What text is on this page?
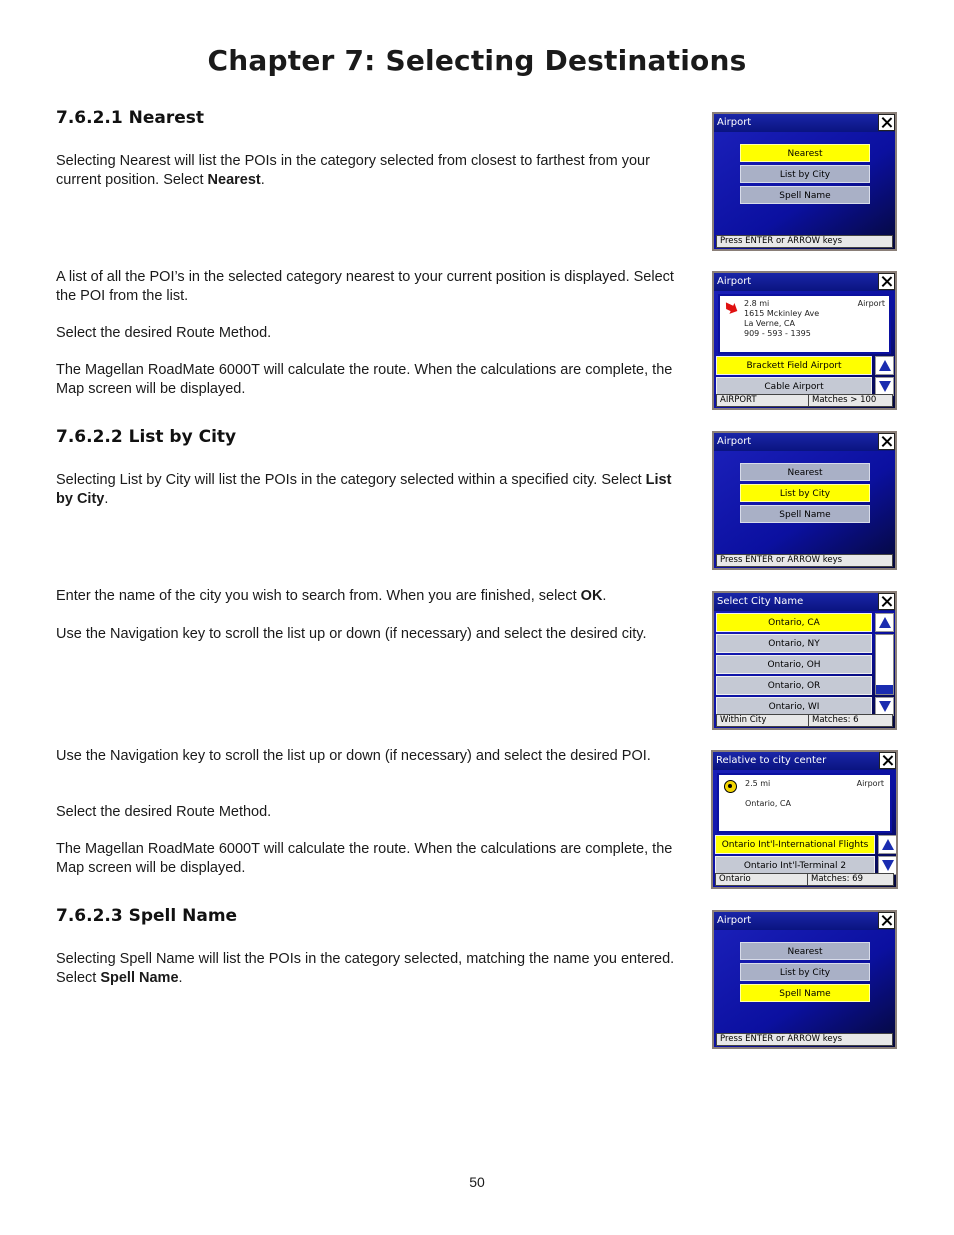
Chapter 7: Selecting Destinations
7.6.2.1 Nearest

Selecting Nearest will list the POIs in the category selected from closest to farthest from your current position. Select Nearest.

A list of all the POI’s in the selected category nearest to your current position is displayed. Select the POI from the list.

Select the desired Route Method.

The Magellan RoadMate 6000T will calculate the route. When the calculations are complete, the Map screen will be displayed.

7.6.2.2 List by City

Selecting List by City will list the POIs in the category selected within a specified city. Select List by City.

Enter the name of the city you wish to search from. When you are finished, select OK.

Use the Navigation key to scroll the list up or down (if necessary) and select the desired city.

Use the Navigation key to scroll the list up or down (if necessary) and select the desired POI.

Select the desired Route Method.

The Magellan RoadMate 6000T will calculate the route. When the calculations are complete, the Map screen will be displayed.

7.6.2.3 Spell Name

Selecting Spell Name will list the POIs in the category selected, matching the name you entered. Select Spell Name.

50

Airport
Nearest
List by City
Spell Name
Press ENTER or ARROW keys
Airport
2.8 mi	Airport
1615 Mckinley Ave
La Verne, CA
909 - 593 - 1395
Brackett Field Airport
Cable Airport
AIRPORT	Matches > 100
Airport
Nearest
List by City
Spell Name
Press ENTER or ARROW keys
Select City Name
Ontario, CA
Ontario, NY
Ontario, OH
Ontario, OR
Ontario, WI
Within City	Matches: 6
Relative to city center
2.5 mi	Airport
Ontario, CA
Ontario Int'l-International Flights
Ontario Int'l-Terminal 2
Ontario	Matches: 69
Airport
Nearest
List by City
Spell Name
Press ENTER or ARROW keys
